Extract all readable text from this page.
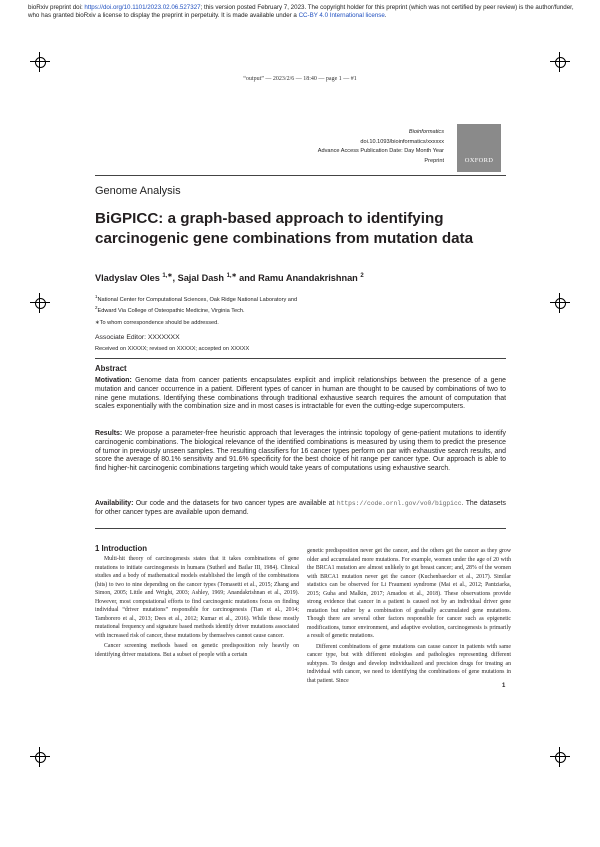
bioRxiv preprint doi: https://doi.org/10.1101/2023.02.06.527327; this version posted February 7, 2023. The copyright holder for this preprint (which was not certified by peer review) is the author/funder, who has granted bioRxiv a license to display the preprint in perpetuity. It is made available under a CC-BY 4.0 International license.
“output” — 2023/2/6 — 18:40 — page 1 — #1
Bioinformatics
doi.10.1093/bioinformatics/xxxxxx
Advance Access Publication Date: Day Month Year
Preprint	OXFORD
Genome Analysis
BiGPICC: a graph-based approach to identifying carcinogenic gene combinations from mutation data
Vladyslav Oles $^{1,∗}$, Sajal Dash $^{1,∗}$ and Ramu Anandakrishnan $^2$
$^1$National Center for Computational Sciences, Oak Ridge National Laboratory and
$^2$Edward Via College of Osteopathic Medicine, Virginia Tech.
∗To whom correspondence should be addressed.
Associate Editor: XXXXXXX
Received on XXXXX; revised on XXXXX; accepted on XXXXX
Abstract
Motivation: Genome data from cancer patients encapsulates explicit and implicit relationships between the presence of a gene mutation and cancer occurrence in a patient. Different types of cancer in human are thought to be caused by combinations of two to nine gene mutations. Identifying these combinations through traditional exhaustive search requires the amount of computation that scales exponentially with the combination size and in most cases is intractable for even the cutting-edge supercomputers.
Results: We propose a parameter-free heuristic approach that leverages the intrinsic topology of gene-patient mutations to identify carcinogenic combinations. The biological relevance of the identified combinations is measured by using them to predict the presence of tumor in previously unseen samples. The resulting classifiers for 16 cancer types perform on par with exhaustive search results, and score the average of 80.1% sensitivity and 91.6% specificity for the best choice of hit range per cancer type. Our approach is able to find higher-hit carcinogenic combinations targeting which would take years of computations using exhaustive search.
Availability: Our code and the datasets for two cancer types are available at https://code.ornl.gov/vo0/bigpicc. The datasets for other cancer types are available upon demand.
1 Introduction

Multi-hit theory of carcinogenesis states that it takes combinations of gene mutations to initiate carcinogenesis in humans (Sutherl and Bailar III, 1984). Clinical studies and a body of mathematical models established the length of the combinations (hits) to two to nine depending on the cancer types (Tomasetti et al., 2015; Zhang and Simon, 2005; Little and Wright, 2003; Ashley, 1969; Anandakrishnan et al., 2019). However, most computational efforts to find carcinogenic mutations focus on finding individual “driver mutations” responsible for carcinogenesis (Tian et al., 2014; Tamborero et al., 2013; Dees et al., 2012; Kumar et al., 2016). While these mostly mutational frequency and signature based methods identify driver mutations associated with increased risk of cancer, these mutations by themselves cannot cause cancer.

Cancer screening methods based on genetic predisposition rely heavily on identifying driver mutations. But a subset of people with a certain

genetic predisposition never get the cancer, and the others get the cancer as they grow older and accumulated more mutations. For example, women under the age of 20 with the BRCA1 mutation are almost unlikely to get breast cancer; and, 28% of the women with BRCA1 mutation never get the cancer (Kuchenbaecker et al., 2017). Similar statistics can be observed for Li Fraumeni syndrome (Mai et al., 2012; Pantziarka, 2015; Guha and Malkin, 2017; Amadou et al., 2018). These observations provide strong evidence that cancer in a patient is caused not by an individual driver gene mutation but rather by a combination of gradually accumulated gene mutations. Though there are several other factors responsible for cancer such as epigenetic modifications, tumor environment, and adaptive evolution, carcinogenesis is primarily a result of genetic mutations.

Different combinations of gene mutations can cause cancer in patients with same cancer type, but with different etiologies and pathologies representing different subtypes. To design and develop individualized and precision drugs for treating an individual with cancer, we need to identifying the combinations of gene mutations in that patient. Since

1
